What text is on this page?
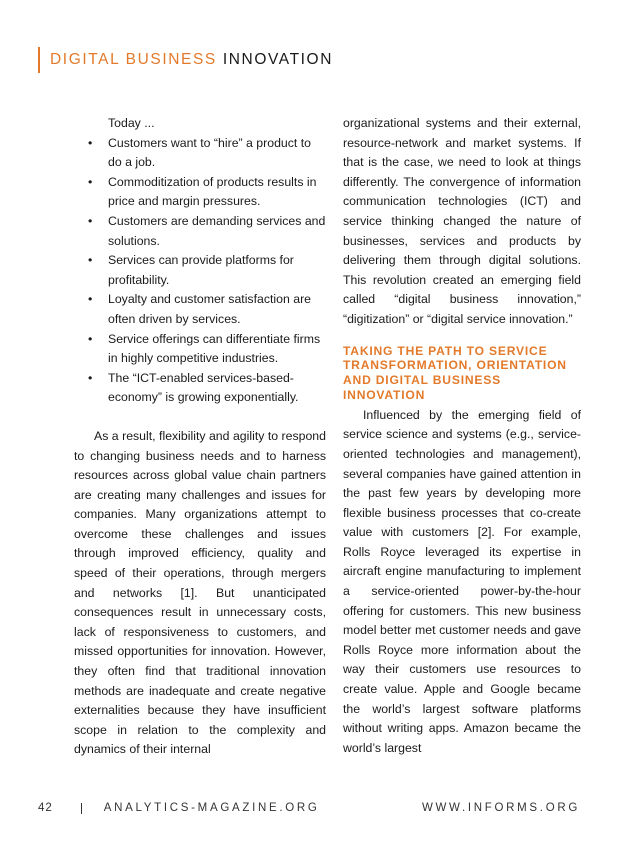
DIGITAL BUSINESS INNOVATION

Today ...

• Customers want to “hire” a product to do a job.
• Commoditization of products results in price and margin pressures.
• Customers are demanding services and solutions.
• Services can provide platforms for profitability.
• Loyalty and customer satisfaction are often driven by services.
• Service offerings can differentiate firms in highly competitive industries.
• The “ICT-enabled services-based-economy” is growing exponentially.

As a result, flexibility and agility to respond to changing business needs and to harness resources across global value chain partners are creating many challenges and issues for companies. Many organizations attempt to overcome these challenges and issues through improved efficiency, quality and speed of their operations, through mergers and networks [1]. But unanticipated consequences result in unnecessary costs, lack of responsiveness to customers, and missed opportunities for innovation. However, they often find that traditional innovation methods are inadequate and create negative externalities because they have insufficient scope in relation to the complexity and dynamics of their internal

organizational systems and their external, resource-network and market systems. If that is the case, we need to look at things differently. The convergence of information communication technologies (ICT) and service thinking changed the nature of businesses, services and products by delivering them through digital solutions. This revolution created an emerging field called “digital business innovation,” “digitization” or “digital service innovation.”

TAKING THE PATH TO SERVICE TRANSFORMATION, ORIENTATION AND DIGITAL BUSINESS INNOVATION

Influenced by the emerging field of service science and systems (e.g., service-oriented technologies and management), several companies have gained attention in the past few years by developing more flexible business processes that co-create value with customers [2]. For example, Rolls Royce leveraged its expertise in aircraft engine manufacturing to implement a service-oriented power-by-the-hour offering for customers. This new business model better met customer needs and gave Rolls Royce more information about the way their customers use resources to create value. Apple and Google became the world’s largest software platforms without writing apps. Amazon became the world’s largest

42	ANALYTICS-MAGAZINE.ORG	WWW.INFORMS.ORG
